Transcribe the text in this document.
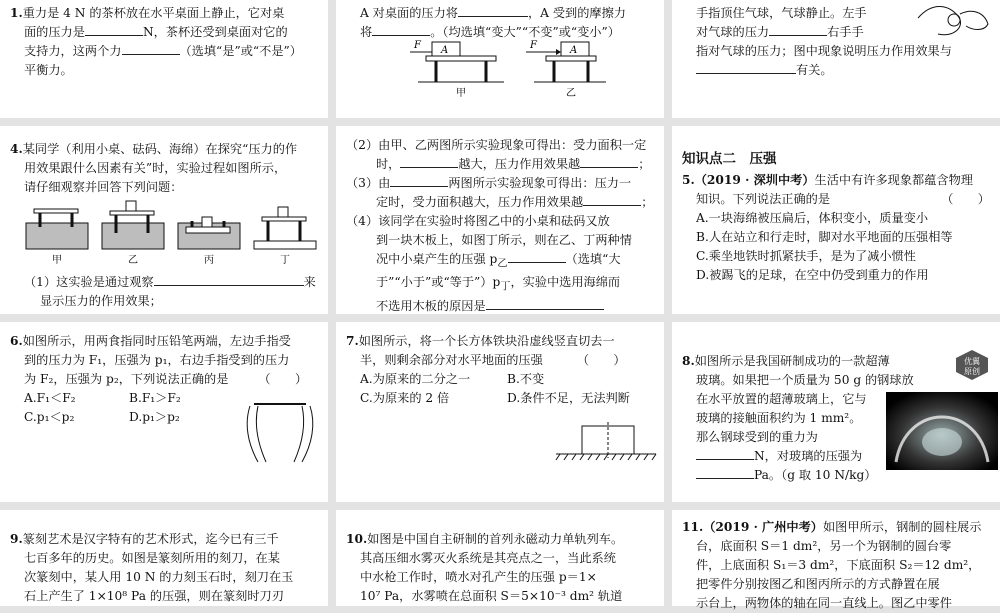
1.重力是 4 N 的茶杯放在水平桌面上静止，它对桌

面的压力是	N，茶杯还受到桌面对它的

支持力，这两个力	（选填“是”或“不是”）

平衡力。

A 对桌面的压力将	，A 受到的摩擦力

将	。（均选填“变大”“不变”或“变小”）

F A
甲
F	A
乙

手指顶住气球，气球静止。左手

对气球的压力	右手手

指对气球的压力；图中现象说明压力作用效果与

有关。

4.某同学（利用小桌、砝码、海绵）在探究“压力的作

用效果跟什么因素有关”时，实验过程如图所示，

请仔细观察并回答下列问题：

甲	乙	丙	丁

（1）这实验是通过观察	来

显示压力的作用效果；

（2）由甲、乙两图所示实验现象可得出：受力面积一定

时，	越大，压力作用效果越	；

（3）由	两图所示实验现象可得出：压力一

定时，受力面积越大，压力作用效果越	；

（4）该同学在实验时将图乙中的小桌和砝码又放

到一块木板上，如图丁所示，则在乙、丁两种情

况中小桌产生的压强 $p_乙$	（选填“大

于”“小于”或“等于$”)p_丁$，实验中选用海绵而

不选用木板的原因是

知识点二　压强

5.（2019 · 深圳中考）生活中有许多现象都蕴含物理

知识。下列说法正确的是	（　　）

A.一块海绵被压扁后，体积变小，质量变小

B.人在站立和行走时，脚对水平地面的压强相等

C.乘坐地铁时抓紧扶手，是为了减小惯性

D.被踢飞的足球，在空中仍受到重力的作用

6.如图所示，用两食指同时压铅笔两端，左边手指受

到的压力为 F₁，压强为 p₁，右边手指受到的压力

为 F₂，压强为 p₂，下列说法正确的是 （　　）

A.F₁＜F₂	B.F₁＞F₂
C.p₁＜p₂	D.p₁＞p₂

7.如图所示，将一个长方体铁块沿虚线竖直切去一

半，则剩余部分对水平地面的压强	（　　）

A.为原来的二分之一	B.不变
C.为原来的 2 倍	D.条件不足，无法判断
优翼
原创

8.如图所示是我国研制成功的一款超薄

玻璃。如果把一个质量为 50 g 的钢球放

在水平放置的超薄玻璃上，它与

玻璃的接触面积约为 1 mm²。

那么钢球受到的重力为

N，对玻璃的压强为

Pa。（g 取 10 N/kg）

9.篆刻艺术是汉字特有的艺术形式，迄今已有三千

七百多年的历史。如图是篆刻所用的刻刀，在某

次篆刻中，某人用 10 N 的力刻玉石时，刻刀在玉

石上产生了 1×10⁸ Pa 的压强，则在篆刻时刀刃

10.如图是中国自主研制的首列永磁动力单轨列车。

其高压细水雾灭火系统是其亮点之一，当此系统

中水枪工作时，喷水对孔产生的压强 p＝1×

10⁷ Pa，水雾喷在总面积 S＝5×10⁻³ dm² 轨道

11.（2019 · 广州中考）如图甲所示，钢制的圆柱展示

台，底面积 S＝1 dm²，另一个为钢制的圆台零

件，上底面积 S₁＝3 dm²，下底面积 S₂＝12 dm²，

把零件分别按图乙和图丙所示的方式静置在展

示台上，两物体的轴在同一直线上。图乙中零件
